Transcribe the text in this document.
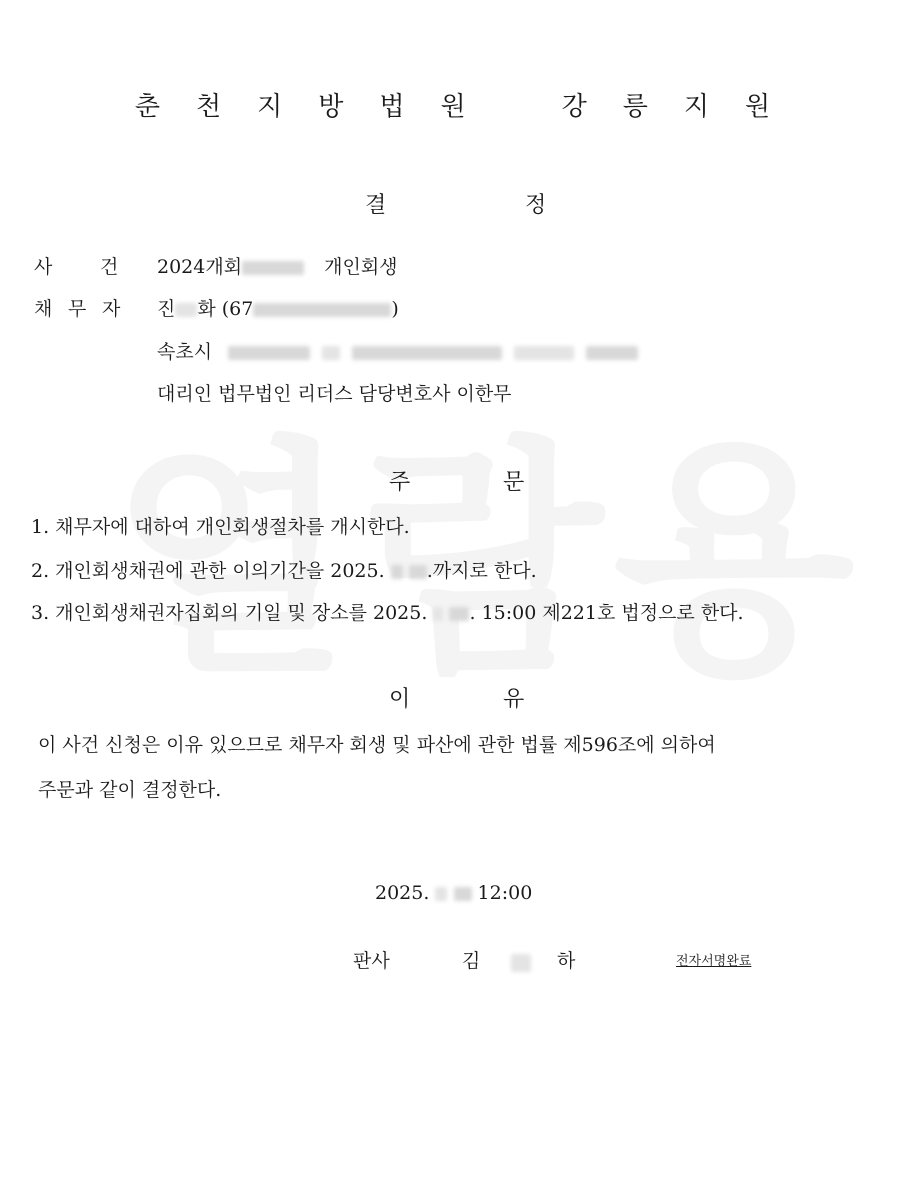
춘 천 지 방 법 원	강 릉 지 원
결	정
사	건 2024개회	개인회생
채 무 자 진 화 (67	)
속초시
대리인 법무법인 리더스 담당변호사 이한무
주	문
1. 채무자에 대하여 개인회생절차를 개시한다.
2. 개인회생채권에 관한 이의기간을 2025. .까지로 한다.
3. 개인회생채권자집회의 기일 및 장소를 2025. . 15:00 제221호 법정으로 한다.
이	유
이 사건 신청은 이유 있으므로 채무자 회생 및 파산에 관한 법률 제596조에 의하여
주문과 같이 결정한다.
2025.	12:00
판사	김	하	전자서명완료
